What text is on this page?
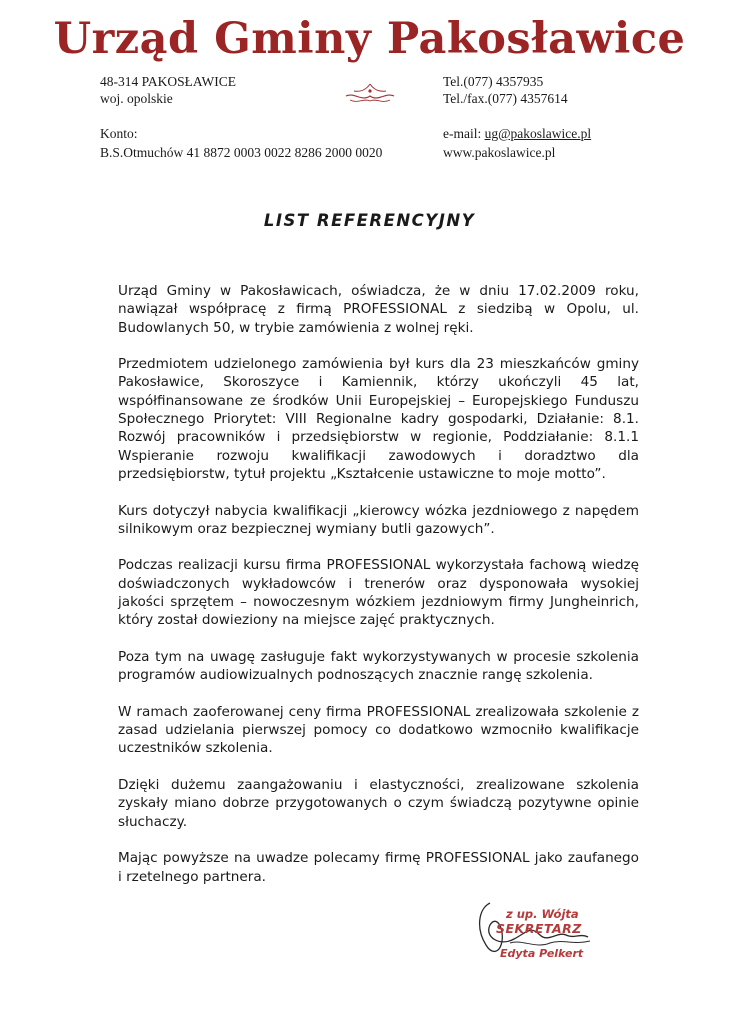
Urząd Gminy Pakosławice
48-314 PAKOSŁAWICE
woj. opolskie
Konto:
B.S.Otmuchów 41 8872 0003 0022 8286 2000 0020
Tel.(077) 4357935
Tel./fax.(077) 4357614
e-mail: ug@pakoslawice.pl
www.pakoslawice.pl
LIST REFERENCYJNY

Urząd Gminy w Pakosławicach, oświadcza, że w dniu 17.02.2009 roku, nawiązał współpracę z firmą PROFESSIONAL z siedzibą w Opolu, ul. Budowlanych 50, w trybie zamówienia z wolnej ręki.

Przedmiotem udzielonego zamówienia był kurs dla 23 mieszkańców gminy Pakosławice, Skoroszyce i Kamiennik, którzy ukończyli 45 lat, współfinansowane ze środków Unii Europejskiej – Europejskiego Funduszu Społecznego Priorytet: VIII Regionalne kadry gospodarki, Działanie: 8.1. Rozwój pracowników i przedsiębiorstw w regionie, Poddziałanie: 8.1.1 Wspieranie rozwoju kwalifikacji zawodowych i doradztwo dla przedsiębiorstw, tytuł projektu „Kształcenie ustawiczne to moje motto”.

Kurs dotyczył nabycia kwalifikacji „kierowcy wózka jezdniowego z napędem silnikowym oraz bezpiecznej wymiany butli gazowych”.

Podczas realizacji kursu firma PROFESSIONAL wykorzystała fachową wiedzę doświadczonych wykładowców i trenerów oraz dysponowała wysokiej jakości sprzętem – nowoczesnym wózkiem jezdniowym firmy Jungheinrich, który został dowieziony na miejsce zajęć praktycznych.

Poza tym na uwagę zasługuje fakt wykorzystywanych w procesie szkolenia programów audiowizualnych podnoszących znacznie rangę szkolenia.

W ramach zaoferowanej ceny firma PROFESSIONAL zrealizowała szkolenie z zasad udzielania pierwszej pomocy co dodatkowo wzmocniło kwalifikacje uczestników szkolenia.

Dzięki dużemu zaangażowaniu i elastyczności, zrealizowane szkolenia zyskały miano dobrze przygotowanych o czym świadczą pozytywne opinie słuchaczy.

Mając powyższe na uwadze polecamy firmę PROFESSIONAL jako zaufanego i rzetelnego partnera.

z up. Wójta
SEKRETARZ
Edyta Pelkert
